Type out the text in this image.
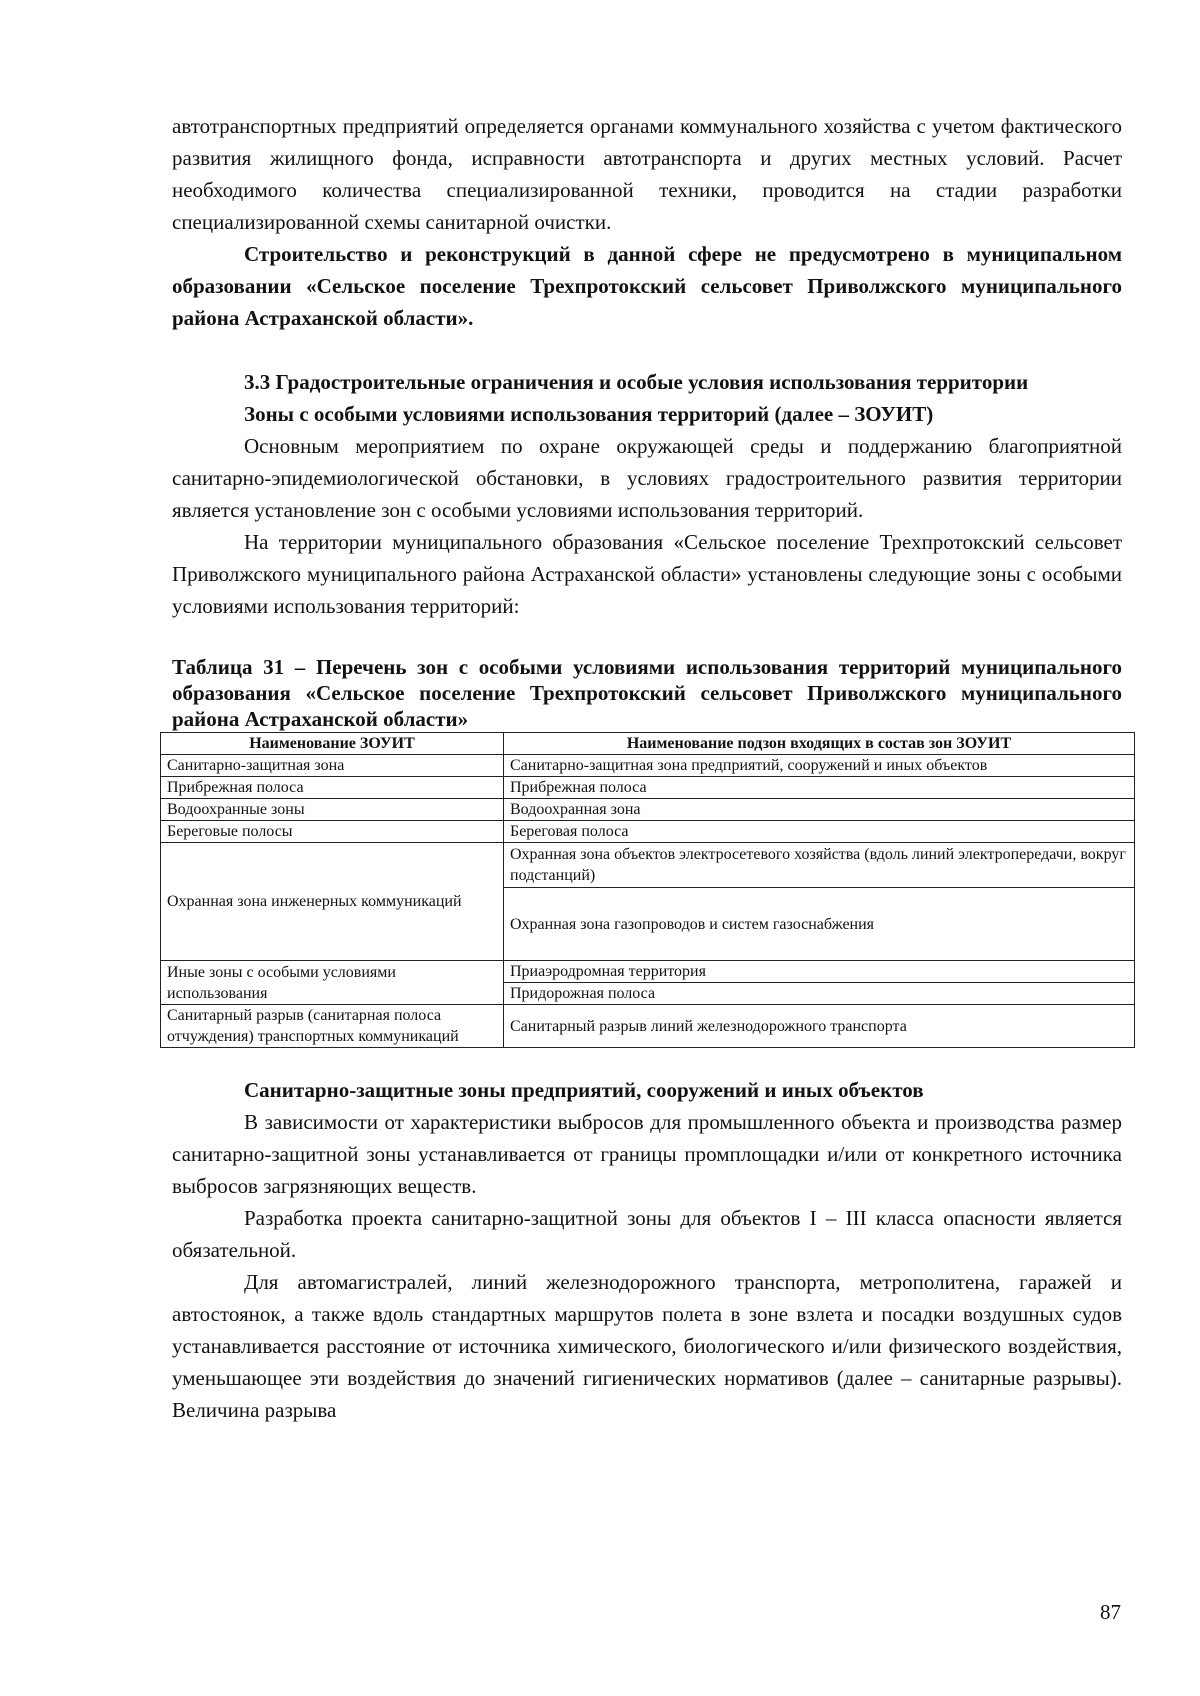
автотранспортных предприятий определяется органами коммунального хозяйства с учетом фактического развития жилищного фонда, исправности автотранспорта и других местных условий. Расчет необходимого количества специализированной техники, проводится на стадии разработки специализированной схемы санитарной очистки.

Строительство и реконструкций в данной сфере не предусмотрено в муниципальном образовании «Сельское поселение Трехпротокский сельсовет Приволжского муниципального района Астраханской области».

3.3 Градостроительные ограничения и особые условия использования территории

Зоны с особыми условиями использования территорий (далее – ЗОУИТ)

Основным мероприятием по охране окружающей среды и поддержанию благоприятной санитарно-эпидемиологической обстановки, в условиях градостроительного развития территории является установление зон с особыми условиями использования территорий.

На территории муниципального образования «Сельское поселение Трехпротокский сельсовет Приволжского муниципального района Астраханской области» установлены следующие зоны с особыми условиями использования территорий:

Таблица 31 – Перечень зон с особыми условиями использования территорий муниципального образования «Сельское поселение Трехпротокский сельсовет Приволжского муниципального района Астраханской области»

Наименование ЗОУИТ	Наименование подзон входящих в состав зон ЗОУИТ
Санитарно-защитная зона	Санитарно-защитная зона предприятий, сооружений и иных объектов
Прибрежная полоса	Прибрежная полоса
Водоохранные зоны	Водоохранная зона
Береговые полосы	Береговая полоса
Охранная зона инженерных коммуникаций	Охранная зона объектов электросетевого хозяйства (вдоль линий электропередачи, вокруг подстанций)
	Охранная зона газопроводов и систем газоснабжения
Иные зоны с особыми условиями использования	Приаэродромная территория
	Придорожная полоса
Санитарный разрыв (санитарная полоса отчуждения) транспортных коммуникаций	Санитарный разрыв линий железнодорожного транспорта

Санитарно-защитные зоны предприятий, сооружений и иных объектов

В зависимости от характеристики выбросов для промышленного объекта и производства размер санитарно-защитной зоны устанавливается от границы промплощадки и/или от конкретного источника выбросов загрязняющих веществ.

Разработка проекта санитарно-защитной зоны для объектов I – III класса опасности является обязательной.

Для автомагистралей, линий железнодорожного транспорта, метрополитена, гаражей и автостоянок, а также вдоль стандартных маршрутов полета в зоне взлета и посадки воздушных судов устанавливается расстояние от источника химического, биологического и/или физического воздействия, уменьшающее эти воздействия до значений гигиенических нормативов (далее – санитарные разрывы). Величина разрыва

87
